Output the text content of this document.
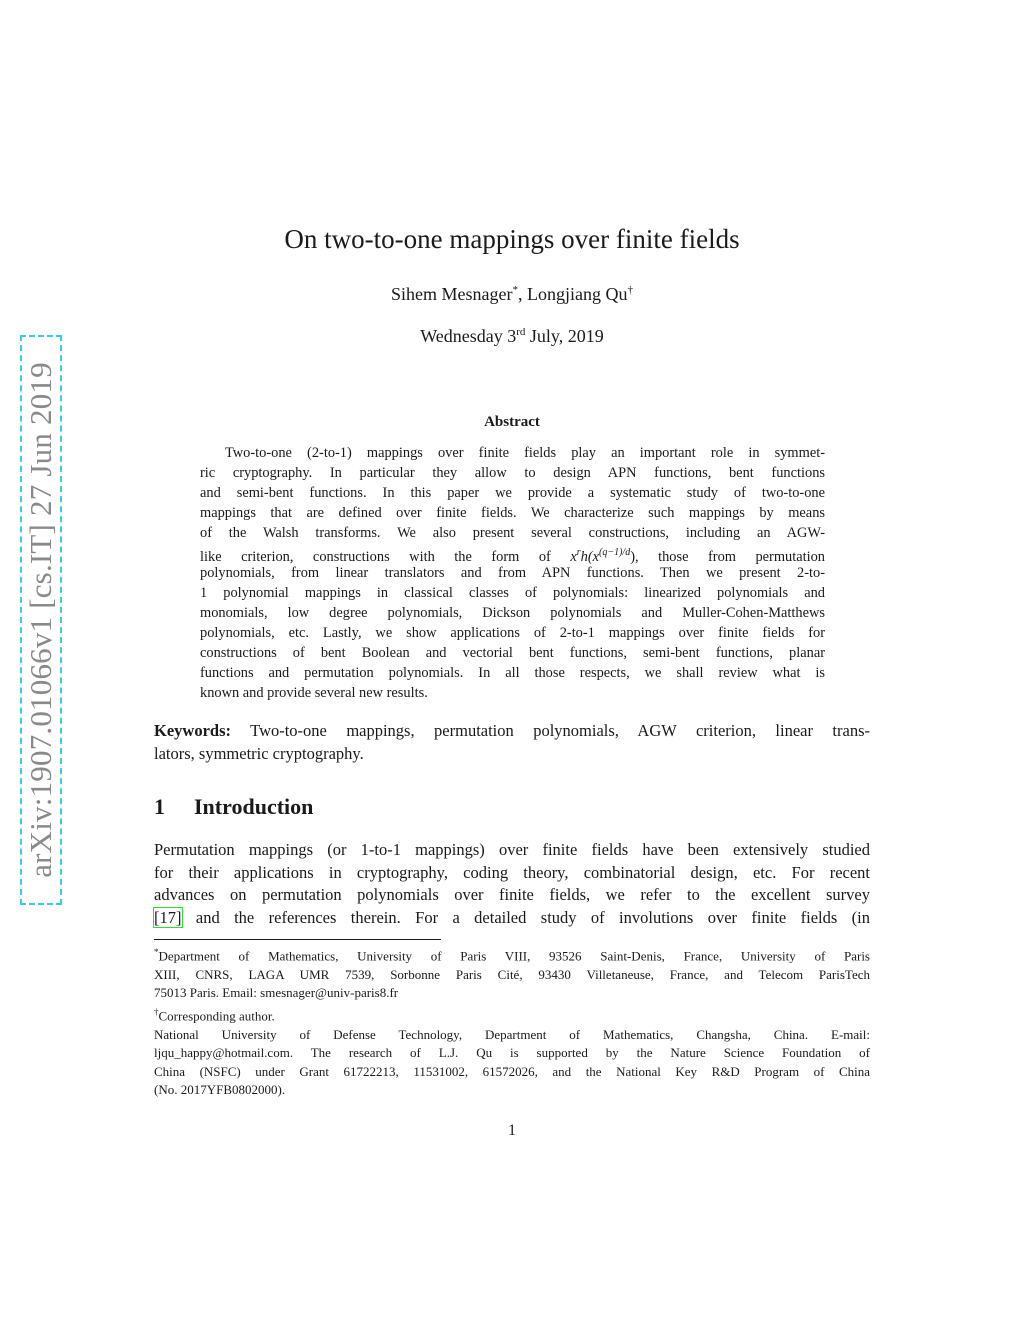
arXiv:1907.01066v1 [cs.IT] 27 Jun 2019
On two-to-one mappings over finite fields
Sihem Mesnager*, Longjiang Qu†
Wednesday 3rd July, 2019
Abstract
Two-to-one (2-to-1) mappings over finite fields play an important role in symmet-
ric cryptography. In particular they allow to design APN functions, bent functions
and semi-bent functions. In this paper we provide a systematic study of two-to-one
mappings that are defined over finite fields. We characterize such mappings by means
of the Walsh transforms. We also present several constructions, including an AGW-
like criterion, constructions with the form of $x^rh(x^{(q-1)/d})$, those from permutation
polynomials, from linear translators and from APN functions. Then we present 2-to-
1 polynomial mappings in classical classes of polynomials: linearized polynomials and
monomials, low degree polynomials, Dickson polynomials and Muller-Cohen-Matthews
polynomials, etc. Lastly, we show applications of 2-to-1 mappings over finite fields for
constructions of bent Boolean and vectorial bent functions, semi-bent functions, planar
functions and permutation polynomials. In all those respects, we shall review what is
known and provide several new results.
Keywords: Two-to-one mappings, permutation polynomials, AGW criterion, linear trans-
lators, symmetric cryptography.
1 Introduction
Permutation mappings (or 1-to-1 mappings) over finite fields have been extensively studied
for their applications in cryptography, coding theory, combinatorial design, etc. For recent
advances on permutation polynomials over finite fields, we refer to the excellent survey
[17] and the references therein. For a detailed study of involutions over finite fields (in
*Department of Mathematics, University of Paris VIII, 93526 Saint-Denis, France, University of Paris
XIII, CNRS, LAGA UMR 7539, Sorbonne Paris Cité, 93430 Villetaneuse, France, and Telecom ParisTech
75013 Paris. Email: smesnager@univ-paris8.fr
†Corresponding author.
National University of Defense Technology, Department of Mathematics, Changsha, China. E-mail:
ljqu_happy@hotmail.com. The research of L.J. Qu is supported by the Nature Science Foundation of
China (NSFC) under Grant 61722213, 11531002, 61572026, and the National Key R&D Program of China
(No. 2017YFB0802000).
1
